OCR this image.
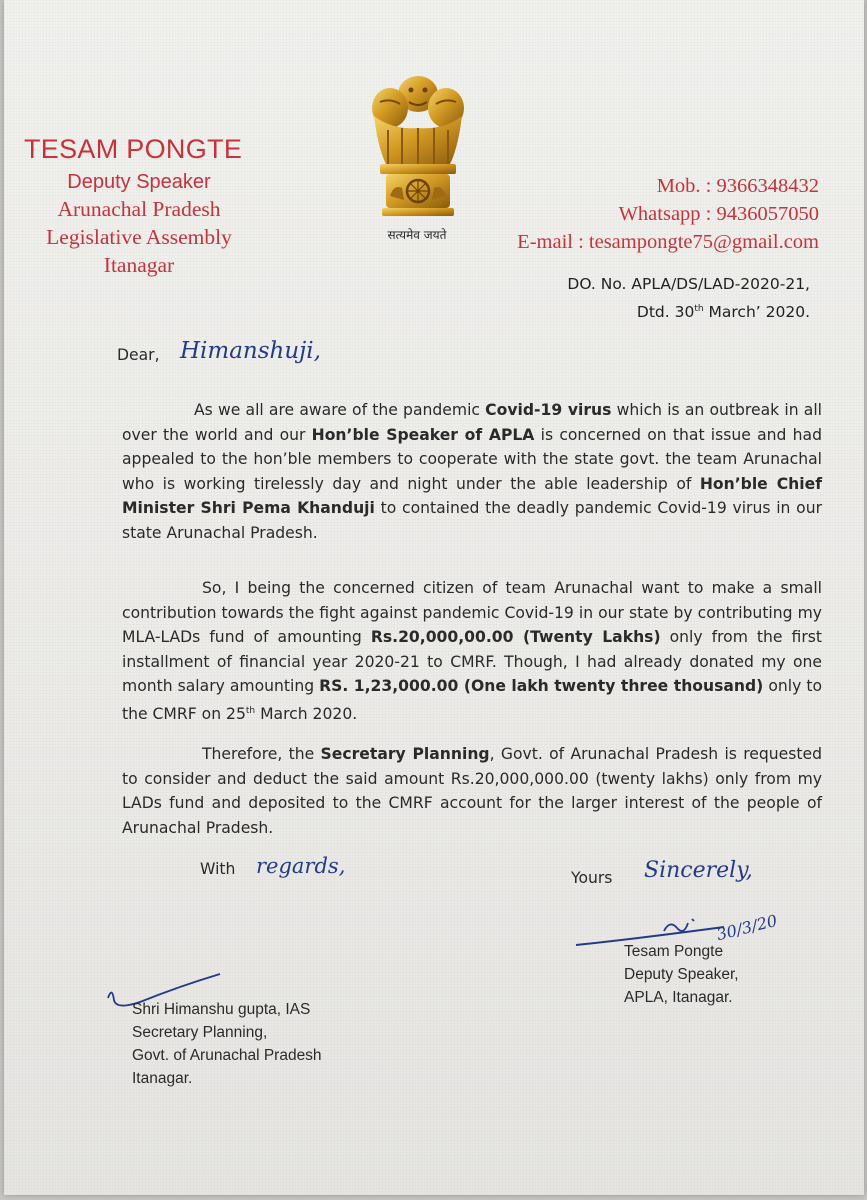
TESAM PONGTE
Deputy Speaker
Arunachal Pradesh
Legislative Assembly
Itanagar
सत्यमेव जयते
Mob. : 9366348432
Whatsapp : 9436057050
E-mail : tesampongte75@gmail.com
DO. No. APLA/DS/LAD-2020-21,
Dtd. 30th March’ 2020.
Dear, Himanshuji,
As we all are aware of the pandemic Covid-19 virus which is an outbreak in all over the world and our Hon’ble Speaker of APLA is concerned on that issue and had appealed to the hon’ble members to cooperate with the state govt. the team Arunachal who is working tirelessly day and night under the able leadership of Hon’ble Chief Minister Shri Pema Khanduji to contained the deadly pandemic Covid-19 virus in our state Arunachal Pradesh.
So, I being the concerned citizen of team Arunachal want to make a small contribution towards the fight against pandemic Covid-19 in our state by contributing my MLA-LADs fund of amounting Rs.20,000,00.00 (Twenty Lakhs) only from the first installment of financial year 2020-21 to CMRF. Though, I had already donated my one month salary amounting RS. 1,23,000.00 (One lakh twenty three thousand) only to the CMRF on 25th March 2020.
Therefore, the Secretary Planning, Govt. of Arunachal Pradesh is requested to consider and deduct the said amount Rs.20,000,000.00 (twenty lakhs) only from my LADs fund and deposited to the CMRF account for the larger interest of the people of Arunachal Pradesh.
With regards,	Yours Sincerely,
30/3/20
Tesam Pongte
Deputy Speaker,
APLA, Itanagar.
Shri Himanshu gupta, IAS
Secretary Planning,
Govt. of Arunachal Pradesh
Itanagar.
